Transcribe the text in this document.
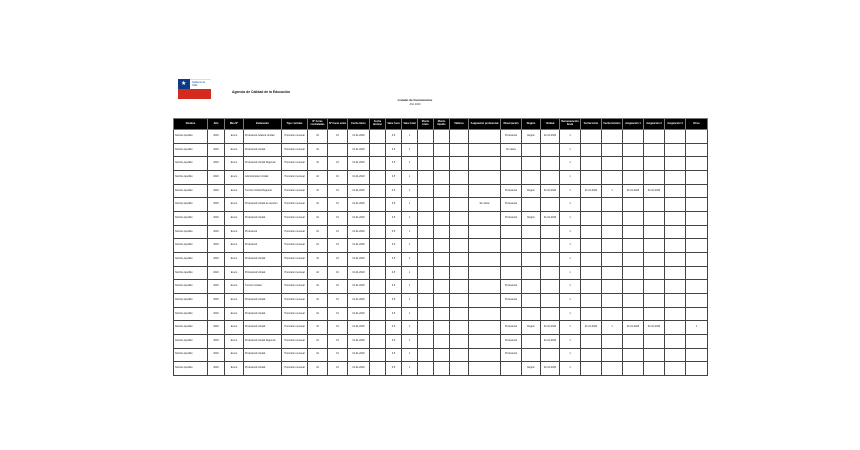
★
Gobierno de Chile
Agencia de Calidad de la Educación
Listado de Funcionarios
Año 2020
Nombre	Año	Mes Nº	Estamento	Tipo contrato	Nº horas contratadas	Nº horas extra	Fecha inicio	Fecha término	Valor hora	Valor total	Monto bruto	Monto líquido	Viáticos	Asignación profesional	Observación	Región	Unidad	Remuneración bruta	Fecha inicio	Fecha término	Asignación 1	Asignación 2	Asignación 3	Otros
Nombre Apellido	2020	Enero	Profesional Jefatura Unidad	Honorario mensual	44	16	01-01-2020		0.5	1					Profesional	Región	01-01-2020	1						
Nombre Apellido	2020	Enero	Profesional Unidad	Honorario mensual	44		01-01-2020		0.5	1					Sin datos			1						
Nombre Apellido	2020	Enero	Profesional Unidad Regional	Honorario mensual	44	16	01-01-2020		0.5	1								1						
Nombre Apellido	2020	Enero	Administrativo Unidad	Honorario mensual	44	16	01-01-2020		0.5	1								1						
Nombre Apellido	2020	Enero	Técnico Unidad Regional	Honorario mensual	44	16	01-01-2020		0.5	1					Profesional	Región	01-01-2020	1	01-01-2020	1	01-01-2020	01-01-2020		
Nombre Apellido	2020	Enero	Profesional Unidad de Gestión	Honorario mensual	44	16	01-01-2020		0.5	1				Sin datos	Profesional			1						
Nombre Apellido	2020	Enero	Profesional Unidad	Honorario mensual	44	16	01-01-2020		0.5	1					Profesional	Región	01-01-2020	1						
Nombre Apellido	2020	Enero	Profesional	Honorario mensual	44	16	01-01-2020		0.5	1								1						
Nombre Apellido	2020	Enero	Profesional	Honorario mensual	44	16	01-01-2020		0.5	1								1						
Nombre Apellido	2020	Enero	Profesional Unidad	Honorario mensual	44	16	01-01-2020		0.5	1								1						
Nombre Apellido	2020	Enero	Profesional Unidad	Honorario mensual	44	16	01-01-2020		0.5	1								1						
Nombre Apellido	2020	Enero	Técnico Unidad	Honorario mensual	44	16	01-01-2020		0.5	1					Profesional			1						
Nombre Apellido	2020	Enero	Profesional Unidad	Honorario mensual	44	16	01-01-2020		0.5	1					Profesional			1						
Nombre Apellido	2020	Enero	Profesional Unidad	Honorario mensual	44	16	01-01-2020		0.5	1								1						
Nombre Apellido	2020	Enero	Profesional Unidad	Honorario mensual	44	16	01-01-2020		0.5	1					Profesional	Región	01-01-2020	1	01-01-2020	1	01-01-2020	01-01-2020		1
Nombre Apellido	2020	Enero	Profesional Unidad Regional	Honorario mensual	44	16	01-01-2020		0.5	1					Profesional		01-01-2020	1						
Nombre Apellido	2020	Enero	Profesional Unidad	Honorario mensual	44	16	01-01-2020		0.5	1					Profesional			1						
Nombre Apellido	2020	Enero	Profesional Unidad	Honorario mensual	44	16	01-01-2020		0.5	1						Región	01-01-2020	1						
